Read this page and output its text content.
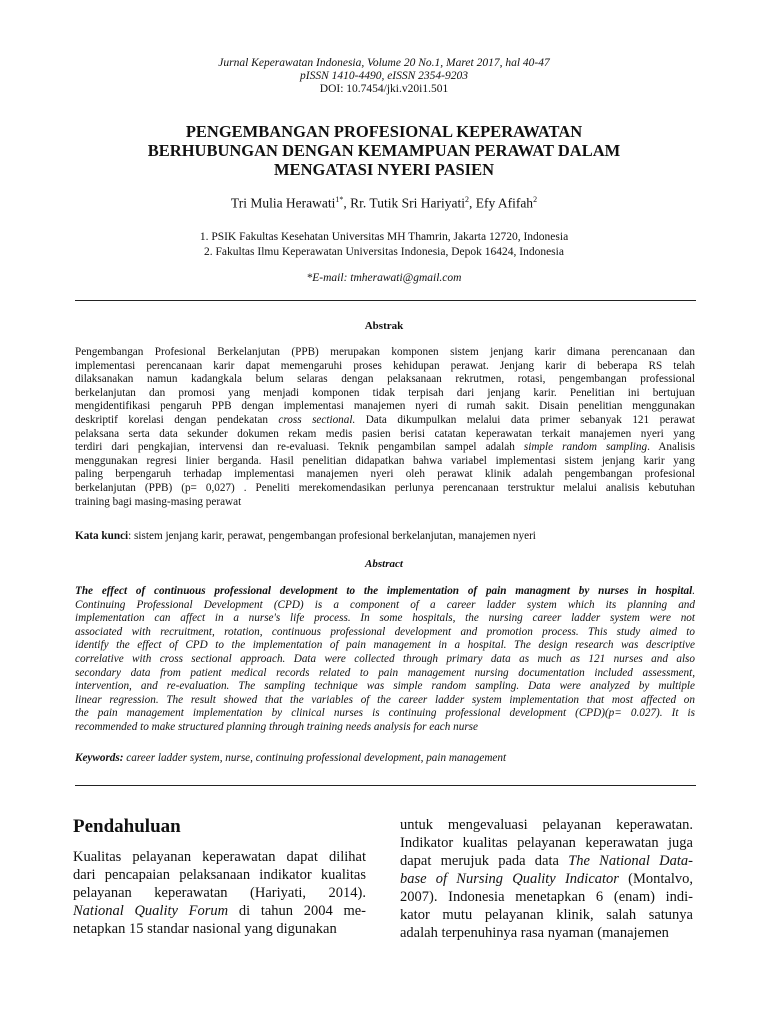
Jurnal Keperawatan Indonesia, Volume 20 No.1, Maret 2017, hal 40-47
pISSN 1410-4490, eISSN 2354-9203
DOI: 10.7454/jki.v20i1.501
PENGEMBANGAN PROFESIONAL KEPERAWATAN
BERHUBUNGAN DENGAN KEMAMPUAN PERAWAT DALAM
MENGATASI NYERI PASIEN
Tri Mulia Herawati$^{1*}$, Rr. Tutik Sri Hariyati$^2$, Efy Afifah$^2$
1. PSIK Fakultas Kesehatan Universitas MH Thamrin, Jakarta 12720, Indonesia
2. Fakultas Ilmu Keperawatan Universitas Indonesia, Depok 16424, Indonesia
*E-mail: tmherawati@gmail.com
Abstrak
Pengembangan Profesional Berkelanjutan (PPB) merupakan komponen sistem jenjang karir dimana perencanaan dan
implementasi perencanaan karir dapat memengaruhi proses kehidupan perawat. Jenjang karir di beberapa RS telah
dilaksanakan namun kadangkala belum selaras dengan pelaksanaan rekrutmen, rotasi, pengembangan professional
berkelanjutan dan promosi yang menjadi komponen tidak terpisah dari jenjang karir. Penelitian ini bertujuan
mengidentifikasi pengaruh PPB dengan implementasi manajemen nyeri di rumah sakit. Disain penelitian menggunakan
deskriptif korelasi dengan pendekatan cross sectional. Data dikumpulkan melalui data primer sebanyak 121 perawat
pelaksana serta data sekunder dokumen rekam medis pasien berisi catatan keperawatan terkait manajemen nyeri yang
terdiri dari pengkajian, intervensi dan re-evaluasi. Teknik pengambilan sampel adalah simple random sampling. Analisis
menggunakan regresi linier berganda. Hasil penelitian didapatkan bahwa variabel implementasi sistem jenjang karir yang
paling berpengaruh terhadap implementasi manajemen nyeri oleh perawat klinik adalah pengembangan profesional
berkelanjutan (PPB) (p= 0,027) . Peneliti merekomendasikan perlunya perencanaan terstruktur melalui analisis kebutuhan
training bagi masing-masing perawat
Kata kunci: sistem jenjang karir, perawat, pengembangan profesional berkelanjutan, manajemen nyeri
Abstract
The effect of continuous professional development to the implementation of pain managment by nurses in hospital.
Continuing Professional Development (CPD) is a component of a career ladder system which its planning and
implementation can affect in a nurse's life process. In some hospitals, the nursing career ladder system were not
associated with recruitment, rotation, continuous professional development and promotion process. This study aimed to
identify the effect of CPD to the implementation of pain management in a hospital. The design research was descriptive
correlative with cross sectional approach. Data were collected through primary data as much as 121 nurses and also
secondary data from patient medical records related to pain management nursing documentation included assessment,
intervention, and re-evaluation. The sampling technique was simple random sampling. Data were analyzed by multiple
linear regression. The result showed that the variables of the career ladder system implementation that most affected on
the pain management implementation by clinical nurses is continuing professional development (CPD)(p= 0.027). It is
recommended to make structured planning through training needs analysis for each nurse
Keywords: career ladder system, nurse, continuing professional development, pain management
Pendahuluan
Kualitas pelayanan keperawatan dapat dilihat
dari pencapaian pelaksanaan indikator kualitas
pelayanan keperawatan (Hariyati, 2014).
National Quality Forum di tahun 2004 me-
netapkan 15 standar nasional yang digunakan
untuk mengevaluasi pelayanan keperawatan.
Indikator kualitas pelayanan keperawatan juga
dapat merujuk pada data The National Data-
base of Nursing Quality Indicator (Montalvo,
2007). Indonesia menetapkan 6 (enam) indi-
kator mutu pelayanan klinik, salah satunya
adalah terpenuhinya rasa nyaman (manajemen
